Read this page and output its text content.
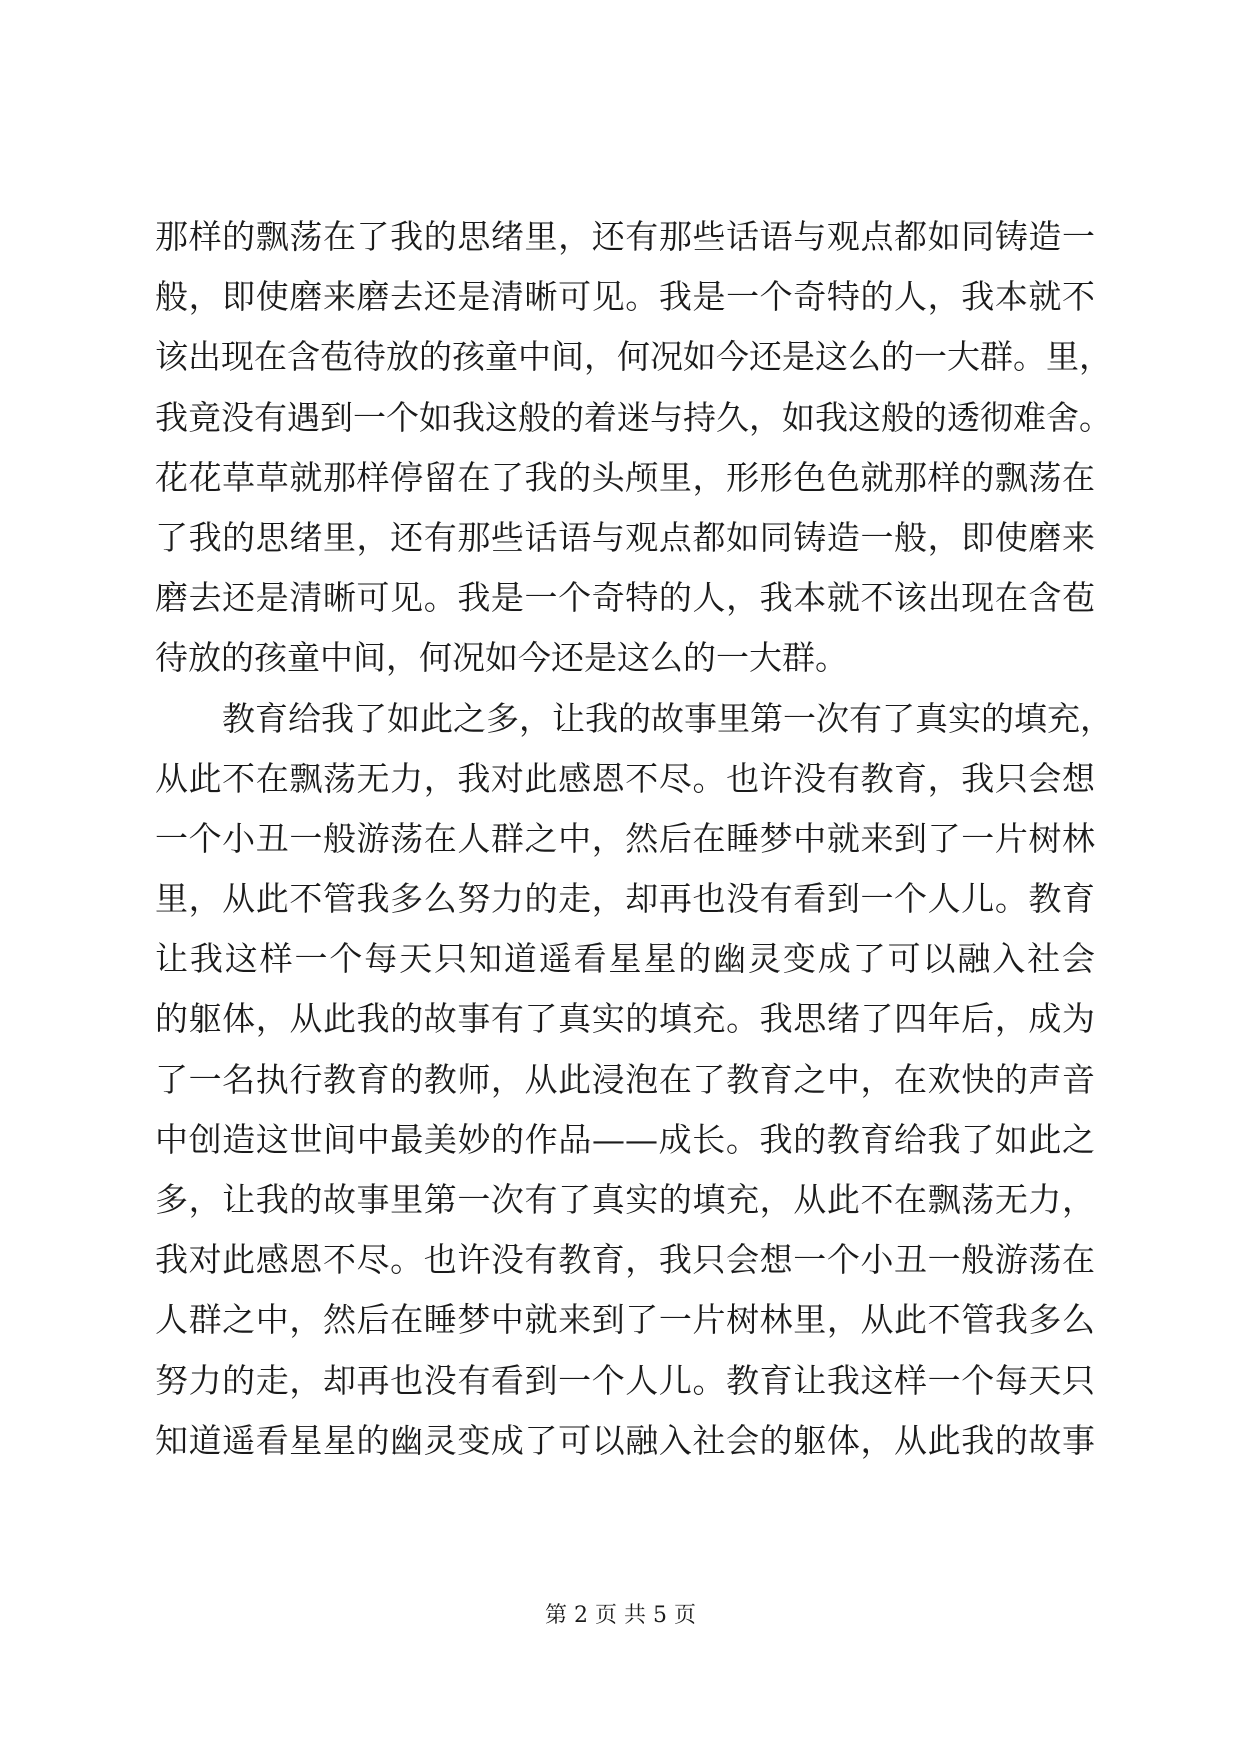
那样的飘荡在了我的思绪里，还有那些话语与观点都如同铸造一
般，即使磨来磨去还是清晰可见。我是一个奇特的人，我本就不
该出现在含苞待放的孩童中间，何况如今还是这么的一大群。里，
我竟没有遇到一个如我这般的着迷与持久，如我这般的透彻难舍。
花花草草就那样停留在了我的头颅里，形形色色就那样的飘荡在
了我的思绪里，还有那些话语与观点都如同铸造一般，即使磨来
磨去还是清晰可见。我是一个奇特的人，我本就不该出现在含苞
待放的孩童中间，何况如今还是这么的一大群。
教育给我了如此之多，让我的故事里第一次有了真实的填充，
从此不在飘荡无力，我对此感恩不尽。也许没有教育，我只会想
一个小丑一般游荡在人群之中，然后在睡梦中就来到了一片树林
里，从此不管我多么努力的走，却再也没有看到一个人儿。教育
让我这样一个每天只知道遥看星星的幽灵变成了可以融入社会
的躯体，从此我的故事有了真实的填充。我思绪了四年后，成为
了一名执行教育的教师，从此浸泡在了教育之中，在欢快的声音
中创造这世间中最美妙的作品——成长。我的教育给我了如此之
多，让我的故事里第一次有了真实的填充，从此不在飘荡无力，
我对此感恩不尽。也许没有教育，我只会想一个小丑一般游荡在
人群之中，然后在睡梦中就来到了一片树林里，从此不管我多么
努力的走，却再也没有看到一个人儿。教育让我这样一个每天只
知道遥看星星的幽灵变成了可以融入社会的躯体，从此我的故事
第 2 页 共 5 页
